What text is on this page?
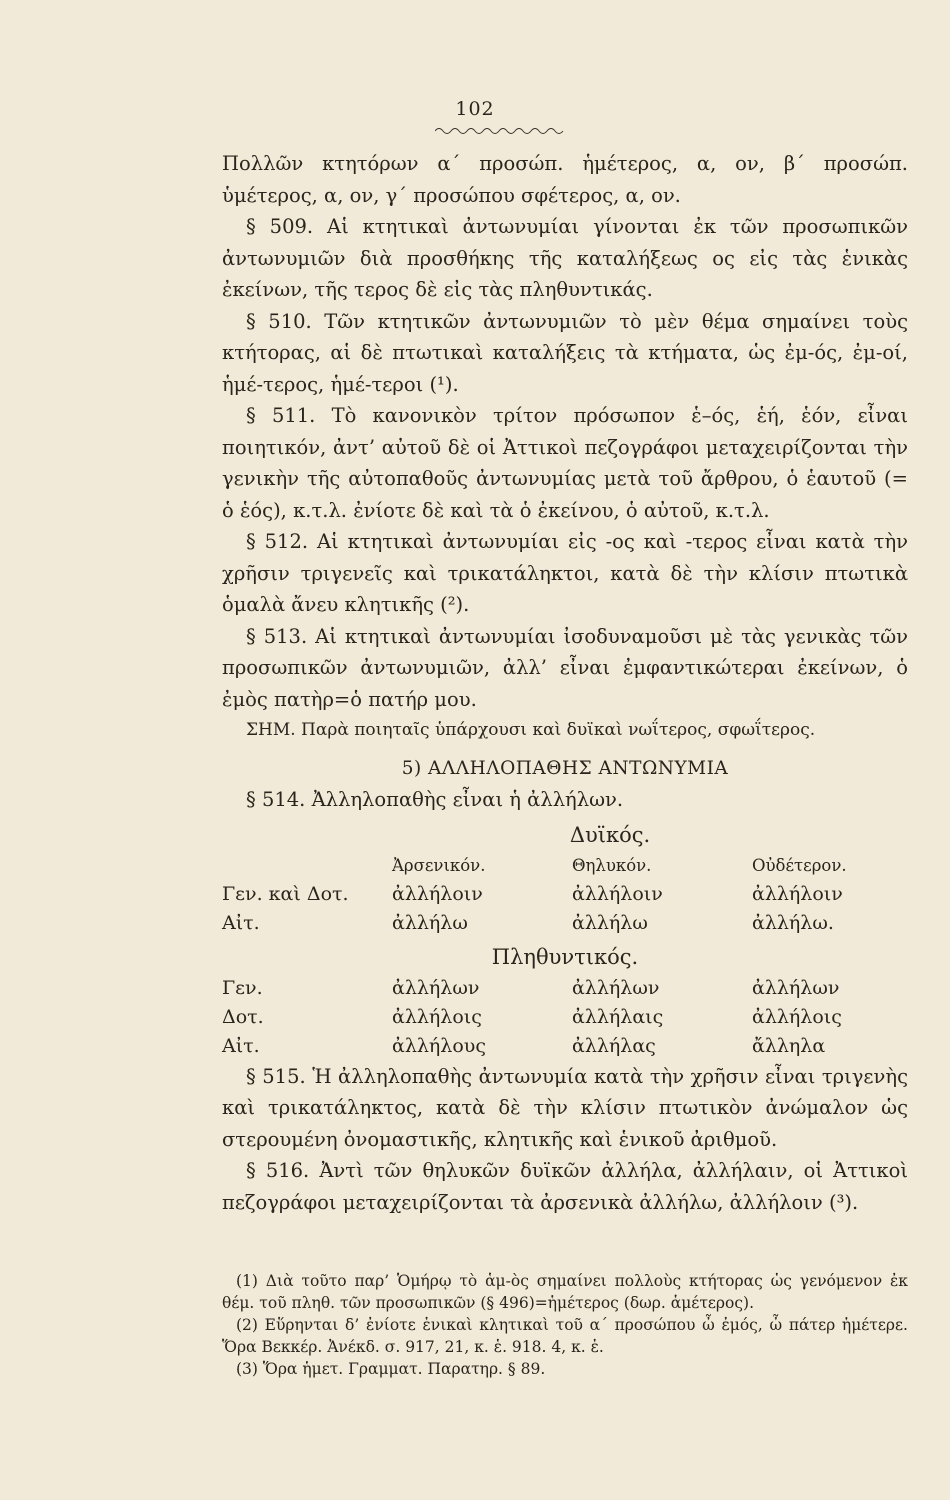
102

Πολλῶν κτητόρων α΄ προσώπ. ἡμέτερος, α, ον, β΄ προσώπ. ὑμέτερος, α, ον, γ΄ προσώπου σφέτερος, α, ον.

§ 509. Αἱ κτητικαὶ ἀντωνυμίαι γίνονται ἐκ τῶν προσωπικῶν ἀντωνυμιῶν διὰ προσθήκης τῆς καταλήξεως ος εἰς τὰς ἑνικὰς ἐκείνων, τῆς τερος δὲ εἰς τὰς πληθυντικάς.

§ 510. Τῶν κτητικῶν ἀντωνυμιῶν τὸ μὲν θέμα σημαίνει τοὺς κτήτορας, αἱ δὲ πτωτικαὶ καταλήξεις τὰ κτήματα, ὡς ἐμ-ός, ἐμ-οί, ἡμέ-τερος, ἡμέ-τεροι (¹).

§ 511. Τὸ κανονικὸν τρίτον πρόσωπον ἑ–ός, ἑή, ἑόν, εἶναι ποιητικόν, ἀντ’ αὐτοῦ δὲ οἱ Ἀττικοὶ πεζογράφοι μεταχειρίζονται τὴν γενικὴν τῆς αὐτοπαθοῦς ἀντωνυμίας μετὰ τοῦ ἄρθρου, ὁ ἑαυτοῦ (= ὁ ἑός), κ.τ.λ. ἐνίοτε δὲ καὶ τὰ ὁ ἐκείνου, ὁ αὐτοῦ, κ.τ.λ.

§ 512. Αἱ κτητικαὶ ἀντωνυμίαι εἰς -ος καὶ -τερος εἶναι κατὰ τὴν χρῆσιν τριγενεῖς καὶ τρικατάληκτοι, κατὰ δὲ τὴν κλίσιν πτωτικὰ ὁμαλὰ ἄνευ κλητικῆς (²).

§ 513. Αἱ κτητικαὶ ἀντωνυμίαι ἰσοδυναμοῦσι μὲ τὰς γενικὰς τῶν προσωπικῶν ἀντωνυμιῶν, ἀλλ’ εἶναι ἐμφαντικώτεραι ἐκείνων, ὁ ἐμὸς πατὴρ=ὁ πατήρ μου.

ΣΗΜ. Παρὰ ποιηταῖς ὑπάρχουσι καὶ δυϊκαὶ νωΐτερος, σφωΐτερος.

5) ΑΛΛΗΛΟΠΑΘΗΣ ΑΝΤΩΝΥΜΙΑ

§ 514. Ἀλληλοπαθὴς εἶναι ἡ ἀλλήλων.

Δυϊκός.
	Ἀρσενικόν.	Θηλυκόν.	Οὐδέτερον.
Γεν. καὶ Δοτ.	ἀλλήλοιν	ἀλλήλοιν	ἀλλήλοιν
Αἰτ.	ἀλλήλω	ἀλλήλω	ἀλλήλω.
Πληθυντικός.
Γεν.	ἀλλήλων	ἀλλήλων	ἀλλήλων
Δοτ.	ἀλλήλοις	ἀλλήλαις	ἀλλήλοις
Αἰτ.	ἀλλήλους	ἀλλήλας	ἄλληλα

§ 515. Ἡ ἀλληλοπαθὴς ἀντωνυμία κατὰ τὴν χρῆσιν εἶναι τριγενὴς καὶ τρικατάληκτος, κατὰ δὲ τὴν κλίσιν πτωτικὸν ἀνώμαλον ὡς στερουμένη ὀνομαστικῆς, κλητικῆς καὶ ἑνικοῦ ἀριθμοῦ.

§ 516. Ἀντὶ τῶν θηλυκῶν δυϊκῶν ἀλλήλα, ἀλλήλαιν, οἱ Ἀττικοὶ πεζογράφοι μεταχειρίζονται τὰ ἀρσενικὰ ἀλλήλω, ἀλλήλοιν (³).

(1) Διὰ τοῦτο παρ’ Ὁμήρῳ τὸ ἁμ-ὸς σημαίνει πολλοὺς κτήτορας ὡς γενόμενον ἐκ θέμ. τοῦ πληθ. τῶν προσωπικῶν (§ 496)=ἡμέτερος (δωρ. ἁμέτερος).

(2) Εὕρηνται δ’ ἐνίοτε ἑνικαὶ κλητικαὶ τοῦ α΄ προσώπου ὦ ἐμός, ὦ πάτερ ἡμέτερε. Ὅρα Βεκκέρ. Ἀνέκδ. σ. 917, 21, κ. ἑ. 918. 4, κ. ἑ.

(3) Ὅρα ἡμετ. Γραμματ. Παρατηρ. § 89.
